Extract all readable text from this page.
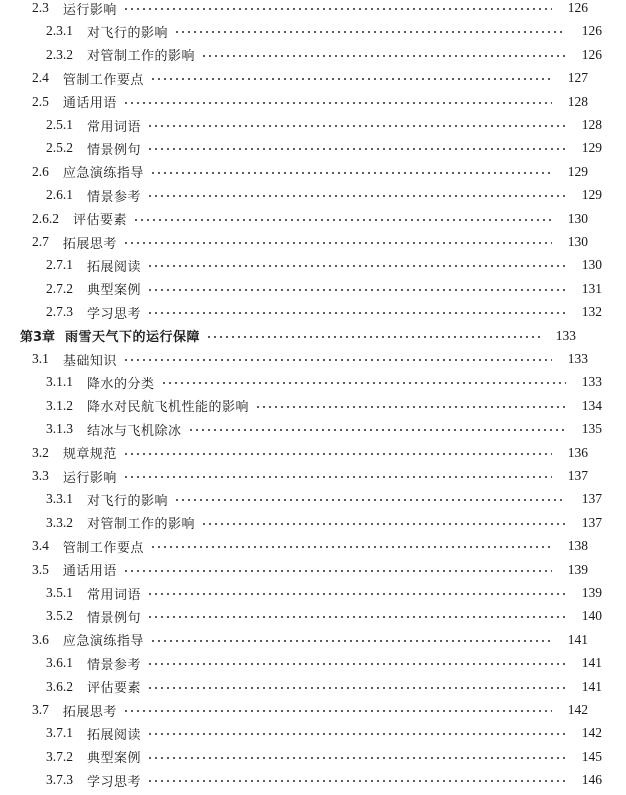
2.3 运行影响	126
2.3.1 对飞行的影响	126
2.3.2 对管制工作的影响	126
2.4 管制工作要点	127
2.5 通话用语	128
2.5.1 常用词语	128
2.5.2 情景例句	129
2.6 应急演练指导	129
2.6.1 情景参考	129
2.6.2 评估要素	130
2.7 拓展思考	130
2.7.1 拓展阅读	130
2.7.2 典型案例	131
2.7.3 学习思考	132
第3章 雨雪天气下的运行保障	133
3.1 基础知识	133
3.1.1 降水的分类	133
3.1.2 降水对民航飞机性能的影响	134
3.1.3 结冰与飞机除冰	135
3.2 规章规范	136
3.3 运行影响	137
3.3.1 对飞行的影响	137
3.3.2 对管制工作的影响	137
3.4 管制工作要点	138
3.5 通话用语	139
3.5.1 常用词语	139
3.5.2 情景例句	140
3.6 应急演练指导	141
3.6.1 情景参考	141
3.6.2 评估要素	141
3.7 拓展思考	142
3.7.1 拓展阅读	142
3.7.2 典型案例	145
3.7.3 学习思考	146
